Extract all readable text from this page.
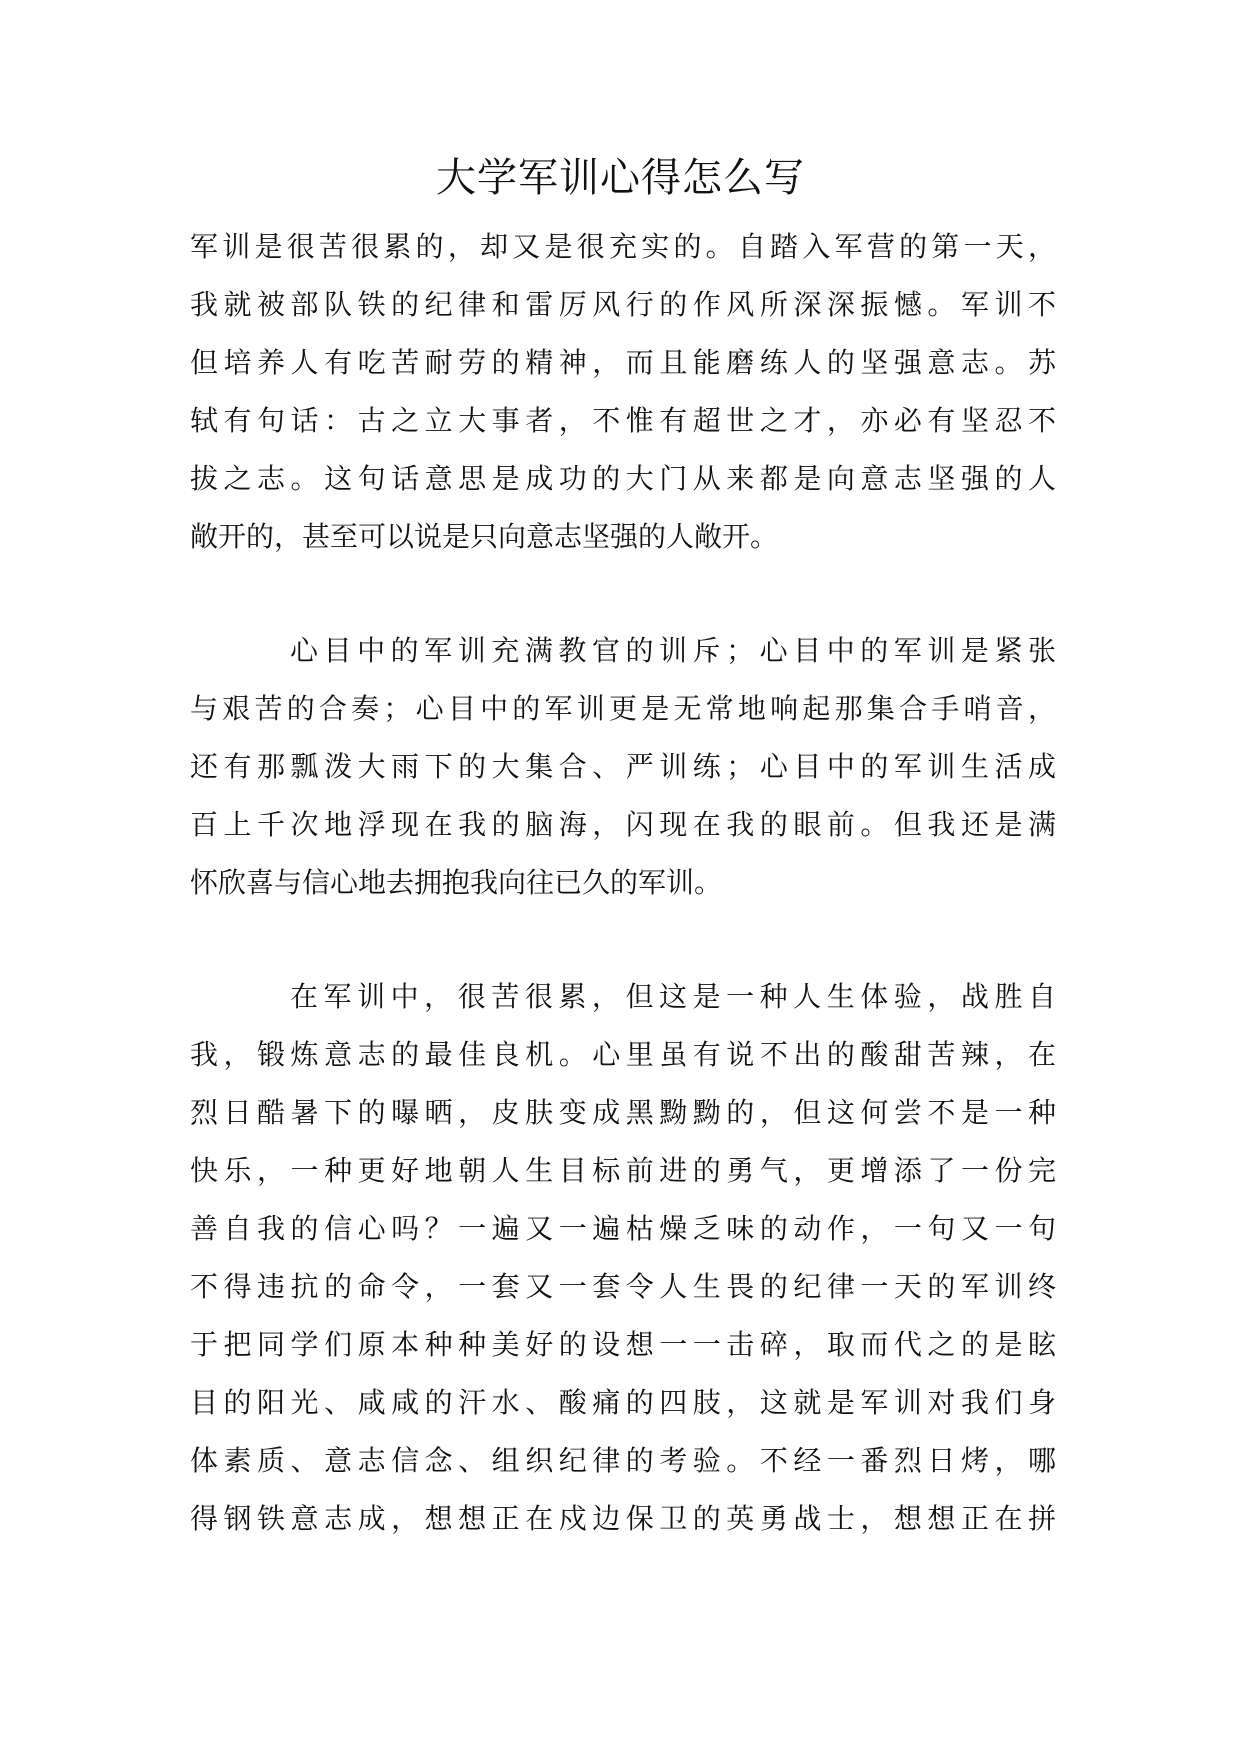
大学军训心得怎么写
军训是很苦很累的，却又是很充实的。自踏入军营的第一天，
我就被部队铁的纪律和雷厉风行的作风所深深振憾。军训不
但培养人有吃苦耐劳的精神，而且能磨练人的坚强意志。苏
轼有句话：古之立大事者，不惟有超世之才，亦必有坚忍不
拔之志。这句话意思是成功的大门从来都是向意志坚强的人
敞开的，甚至可以说是只向意志坚强的人敞开。
心目中的军训充满教官的训斥；心目中的军训是紧张
与艰苦的合奏；心目中的军训更是无常地响起那集合手哨音，
还有那瓢泼大雨下的大集合、严训练；心目中的军训生活成
百上千次地浮现在我的脑海，闪现在我的眼前。但我还是满
怀欣喜与信心地去拥抱我向往已久的军训。
在军训中，很苦很累，但这是一种人生体验，战胜自
我，锻炼意志的最佳良机。心里虽有说不出的酸甜苦辣，在
烈日酷暑下的曝晒，皮肤变成黑黝黝的，但这何尝不是一种
快乐，一种更好地朝人生目标前进的勇气，更增添了一份完
善自我的信心吗？一遍又一遍枯燥乏味的动作，一句又一句
不得违抗的命令，一套又一套令人生畏的纪律一天的军训终
于把同学们原本种种美好的设想一一击碎，取而代之的是眩
目的阳光、咸咸的汗水、酸痛的四肢，这就是军训对我们身
体素质、意志信念、组织纪律的考验。不经一番烈日烤，哪
得钢铁意志成，想想正在戍边保卫的英勇战士，想想正在拼
